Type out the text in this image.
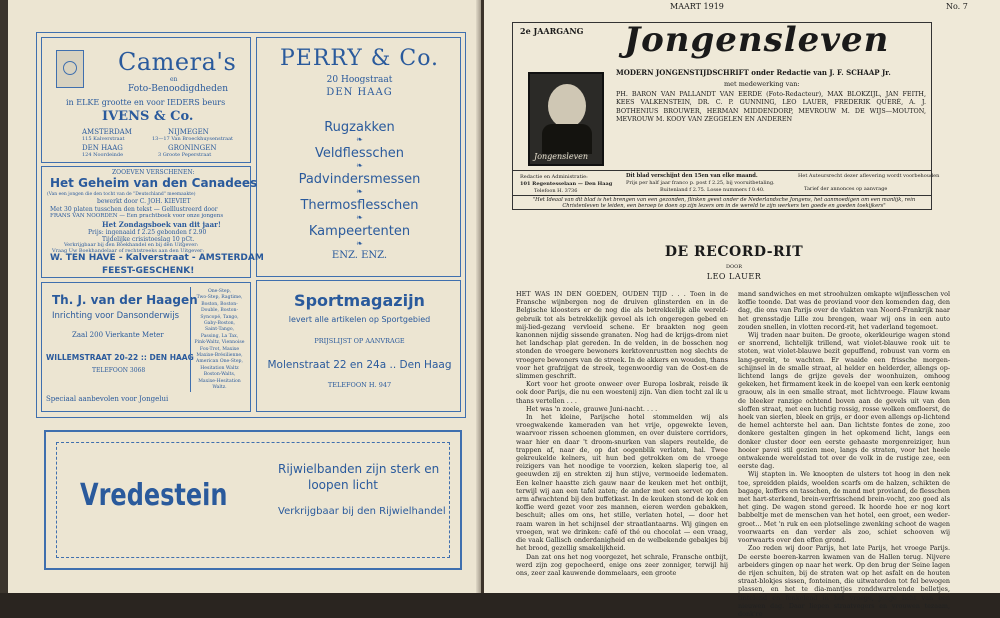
Camera's
en
Foto-Benoodigdheden
in ELKE grootte en voor IEDERS beurs
IVENS & Co.
AMSTERDAM
115 Kalverstraat
NIJMEGEN
13—17 Van Broeckhuysenstraat
DEN HAAG
124 Noordeinde
GRONINGEN
3 Groote Peperstraat
PERRY & Co.
20 Hoogstraat
DEN HAAG
Rugzakken
❧
Veldflesschen
❧
Padvindersmessen
❧
Thermosflesschen
❧
Kampeertenten
❧
ENZ. ENZ.
ZOOEVEN VERSCHENEN:
Het Geheim van den Canadees
(Van een jongen die den tocht van de "Deutschland" meemaakte)
bewerkt door C. JOH. KIEVIET
Met 30 platen tusschen den tekst — Gelllustreerd door
FRANS VAN NOORDEN — Een prachtboek voor onze jongens
Het Zondagsboek van dit jaar!
Prijs: ingenaaid f 2.25 gebonden f 2.90
Tijdelijke crisistoeslag 10 pCt.
Verkrijgbaar bij den Boekhandel en bij den Uitgever:
Vraag Uw Boekhandelaar of rechtstreeks aan den Uitgever:
W. TEN HAVE - Kalverstraat - AMSTERDAM
FEEST-GESCHENK!
Th. J. van der Haagen
Inrichting voor Dansonderwijs
Zaal 200 Vierkante Meter
WILLEMSTRAAT 20-22 :: DEN HAAG
TELEFOON 3068
Speciaal aanbevolen voor Jongelui
One-Step,
Two-Step, Ragtime,
Boston, Boston-
Double, Boston-
Syncopé, Tango,
Gaby-Boston,
Saint-Tango,
Passing, La Tax,
Pink-Waltz, Viennoise
Fox-Trot, Maxixe
Maxixe-Brésilienne,
American One-Step,
Hesitation Waltz
Boston-Walts,
Maxixe-Hesitation
Waltz.
Sportmagazijn
levert alle artikelen op Sportgebied
PRIJSLIJST OP AANVRAGE
Molenstraat 22 en 24a .. Den Haag
TELEFOON H. 947
Vredestein
Rijwielbanden zijn sterk en
loopen licht
Verkrijgbaar bij den Rijwielhandel
MAART 1919	No. 7
2e JAARGANG Jongensleven
Jongensleven
MODERN JONGENSTIJDSCHRIFT onder Redactie van J. F. SCHAAP Jr.
met medewerking van:
PH. BARON VAN PALLANDT VAN EERDE (Foto-Redacteur), MAX BLOKZIJL, JAN FEITH, KEES VALKENSTEIN, DR. C. P. GUNNING, LEO LAUER, FREDERIK QUERÉ, A. J. BOTHENIUS BROUWER, HERMAN MIDDENDORP, MEVROUW M. DE WIJS—MOUTON, MEVROUW M. KOOY VAN ZEGGELEN EN ANDEREN
Redactie en Administratie:
101 Regentesselaan — Den Haag
Telefoon H. 3736
Dit blad verschijnt den 15en van elke maand.
Prijs per half jaar franco p. post f 2.25, bij vooruitbetaling.
Buitenland f 2.75. Losse nummers f 0.40.
Het Auteursrecht dezer aflevering wordt voorbehouden
Tarief der annonces op aanvrage
"Het Ideaal van dit blad is het brengen van een gezonden, flinken geest onder de Nederlandsche Jongens, het aanmoedigen om een manlijk, rein Christenleven te leiden, een beroep te doen op zijn lezers om in de wereld te zijn werkers ten goede en goeden toekijkers"
DE RECORD-RIT
DOOR
LEO LAUER

HET WAS IN DEN GOEDEN, OUDEN TIJD . . . Toen in de Fransche wijnbergen nog de druiven glinsterden en in de Belgische kloosters er de nog die als betrekkelijk alle wereld-gebruik tot als betrekkelijk gevoel als ich ongeregen gebed en mij-lied-gezang vervloeid schene. Er braakten nog geen kanonnen nijdig sissende granaten. Nog had de krijgs-drom niet het landschap plat gereden. In de velden, in de bosschen nog stonden de vroegere bewoners kerktovenrustten nog slechts de vroegere bewoners van de streek. In de akkers en wouden, thans voor het grafzijgat de streek, tegenwoordig van de Oost-en de slimmen geschrift.

Kort voor het groote onweer over Europa losbrak, reisde ik ook door Parijs, die nu een woestenij zijn. Van dien tocht zal ik u thans vertellen . . .

Het was 'n zoele, grauwe Juni-nacht. . . .

In het kleine, Parijsche hotel stommelden wij als vroegwakende kameraden van het vrije, opgewekte leven, waarvoor rissen schoenen glommen, en over duistere corridors, waar hier en daar 't droom-snurken van slapers reutelde, de trappen af, naar de, op dat oogenblik verlaten, hal. Twee gekreukelde kelners, uit hun bed getrokken om de vroege reizigers van het noodige te voorzien, keken slaperig toe, al geeuwden zij en strekten zij hun stijve, vermoeide ledematen. Een kelner haastte zich gauw naar de keuken met het ontbijt, terwijl wij aan een tafel zaten; de ander met een servet op den arm afwachtend bij den buffetkast. In de keuken stond de kok en koffie werd gezet voor zes mannen, eieren werden gebakken, beschuit; alles om ons, het stille, verlaten hotel, — door het raam waren in het schijnsel der straatlantaarns. Wij gingen en vroegen, wat we drinken: café of thé ou chocolat — een vraag, die vaak Gallisch onderdanigheid en de welbekende gebakjes bij het brood, gezellig smakelijkheid.

Dan zat ons het nog voorgezet, het schrale, Fransche ontbijt, werd zijn zog gepocheerd, enige ons zeer zonniger, terwijl hij ons, zeer zaal kauwende dommelaars, een groote

mand sandwiches en met stroohulzen omkapte wijnflesschen vol koffie toonde. Dat was de proviand voor den komenden dag, den dag, die ons van Parijs over de vlakten van Noord-Frankrijk naar het grensstadje Lille zou brengen, waar wij ons in een auto zouden snellen, in vlotten record-rit, het vaderland tegemoet.

Wij traden naar buiten. De groote, okerkleurige wagen stond er snorrend, lichtelijk trillend, wat violet-blauwe rook uit te stoten, wat violet-blauwe bezit gepuffend, robuust van vorm en lang-gerekt, te wachten. Er waaide een frissche morgen-schijnsel in de smalle straat, al helder en helderder, allengs op-lichtend langs de grijze gevels der woonhuizen, omhoog gekeken, het firmament keek in de koepel van een kerk eentonig graouw, als in een smalle straat, met lichtvroege. Flauw kwam de bleeker ranzige ochtend boven aan de gevels uit van den sloffen straat, met een luchtig rossig, rosse wolken omfloerst, de hoek van sierlen, bleek en grijs, er door even allengs op-lichtend de hemel achterste hel aan. Dan lichtste fontes de zone, zoo donkere gestalten gingen in het opkomend licht, langs een donker cluster door een eerste gehaaste morgenreiziger, hun hooier pavei stil gezien mee, langs de straten, voor het heele ontwakende wereldstad tot over de volk in de rustige zee, een eerste dag.

Wij stapten in. We knoopten de ulsters tot hoog in den nek toe, spreidden plaids, woelden scarfs om de halzen, schikten de bagage, koffers en tasschen, de mand met proviand, de flesschen met hart-sterkend, brein-verfrisschend brein-vocht, zoo goed als het ging. De wagen stond gereed. Ik hoorde hoe er nog kort babbeltje met de menschen van het hotel, een groet, een weder-groet... Met 'n ruk en een plotselinge zwenking schoot de wagen voorwaarts en dan verder als zoo, schiet schooven wij voorwaarts over den effen grond.

Zoo reden wij door Parijs, het late Parijs, het vroege Parijs. De eerste boeren-karren kwamen van de Hallen terug. Nijvere arbeiders gingen op naar het werk. Op den brug der Seine lagen de rijen schuiten, bij de straten wat op het asfalt en de houten straat-blokjes sissen, fonteinen, die uitwaterden tot fel bewogen plassen, en het te dia-mantjes ronddwarrelende belletjes, tintelend en fonkelend in het vroege, jonge licht van een nieuwen dag. Daar liepen straatvegers en vrouwen tezaam, donk're
